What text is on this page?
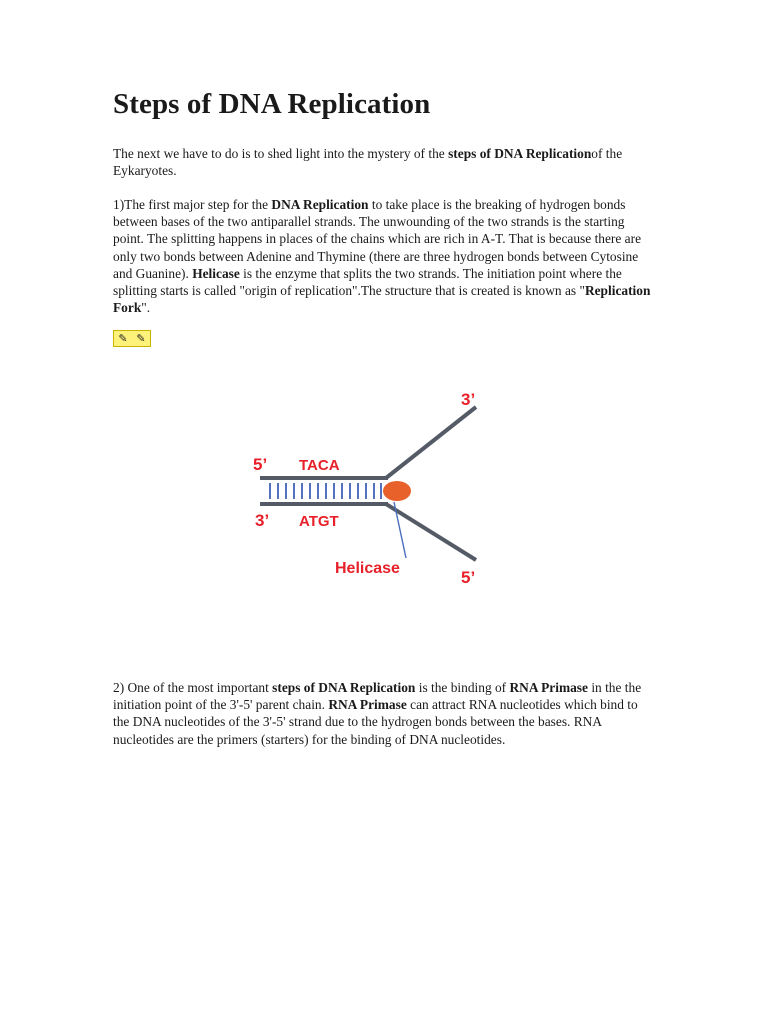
Steps of DNA Replication

The next we have to do is to shed light into the mystery of the steps of DNA Replicationof the Eykaryotes.

1)The first major step for the DNA Replication to take place is the breaking of hydrogen bonds between bases of the two antiparallel strands. The unwounding of the two strands is the starting point. The splitting happens in places of the chains which are rich in A-T. That is because there are only two bonds between Adenine and Thymine (there are three hydrogen bonds between Cytosine and Guanine). Helicase is the enzyme that splits the two strands. The initiation point where the splitting starts is called "origin of replication".The structure that is created is known as "Replication Fork".

✎ ✎
5’ TACA
3’ ATGT
3’
5’
Helicase

2) One of the most important steps of DNA Replication is the binding of RNA Primase in the the initiation point of the 3'-5' parent chain. RNA Primase can attract RNA nucleotides which bind to the DNA nucleotides of the 3'-5' strand due to the hydrogen bonds between the bases. RNA nucleotides are the primers (starters) for the binding of DNA nucleotides.
